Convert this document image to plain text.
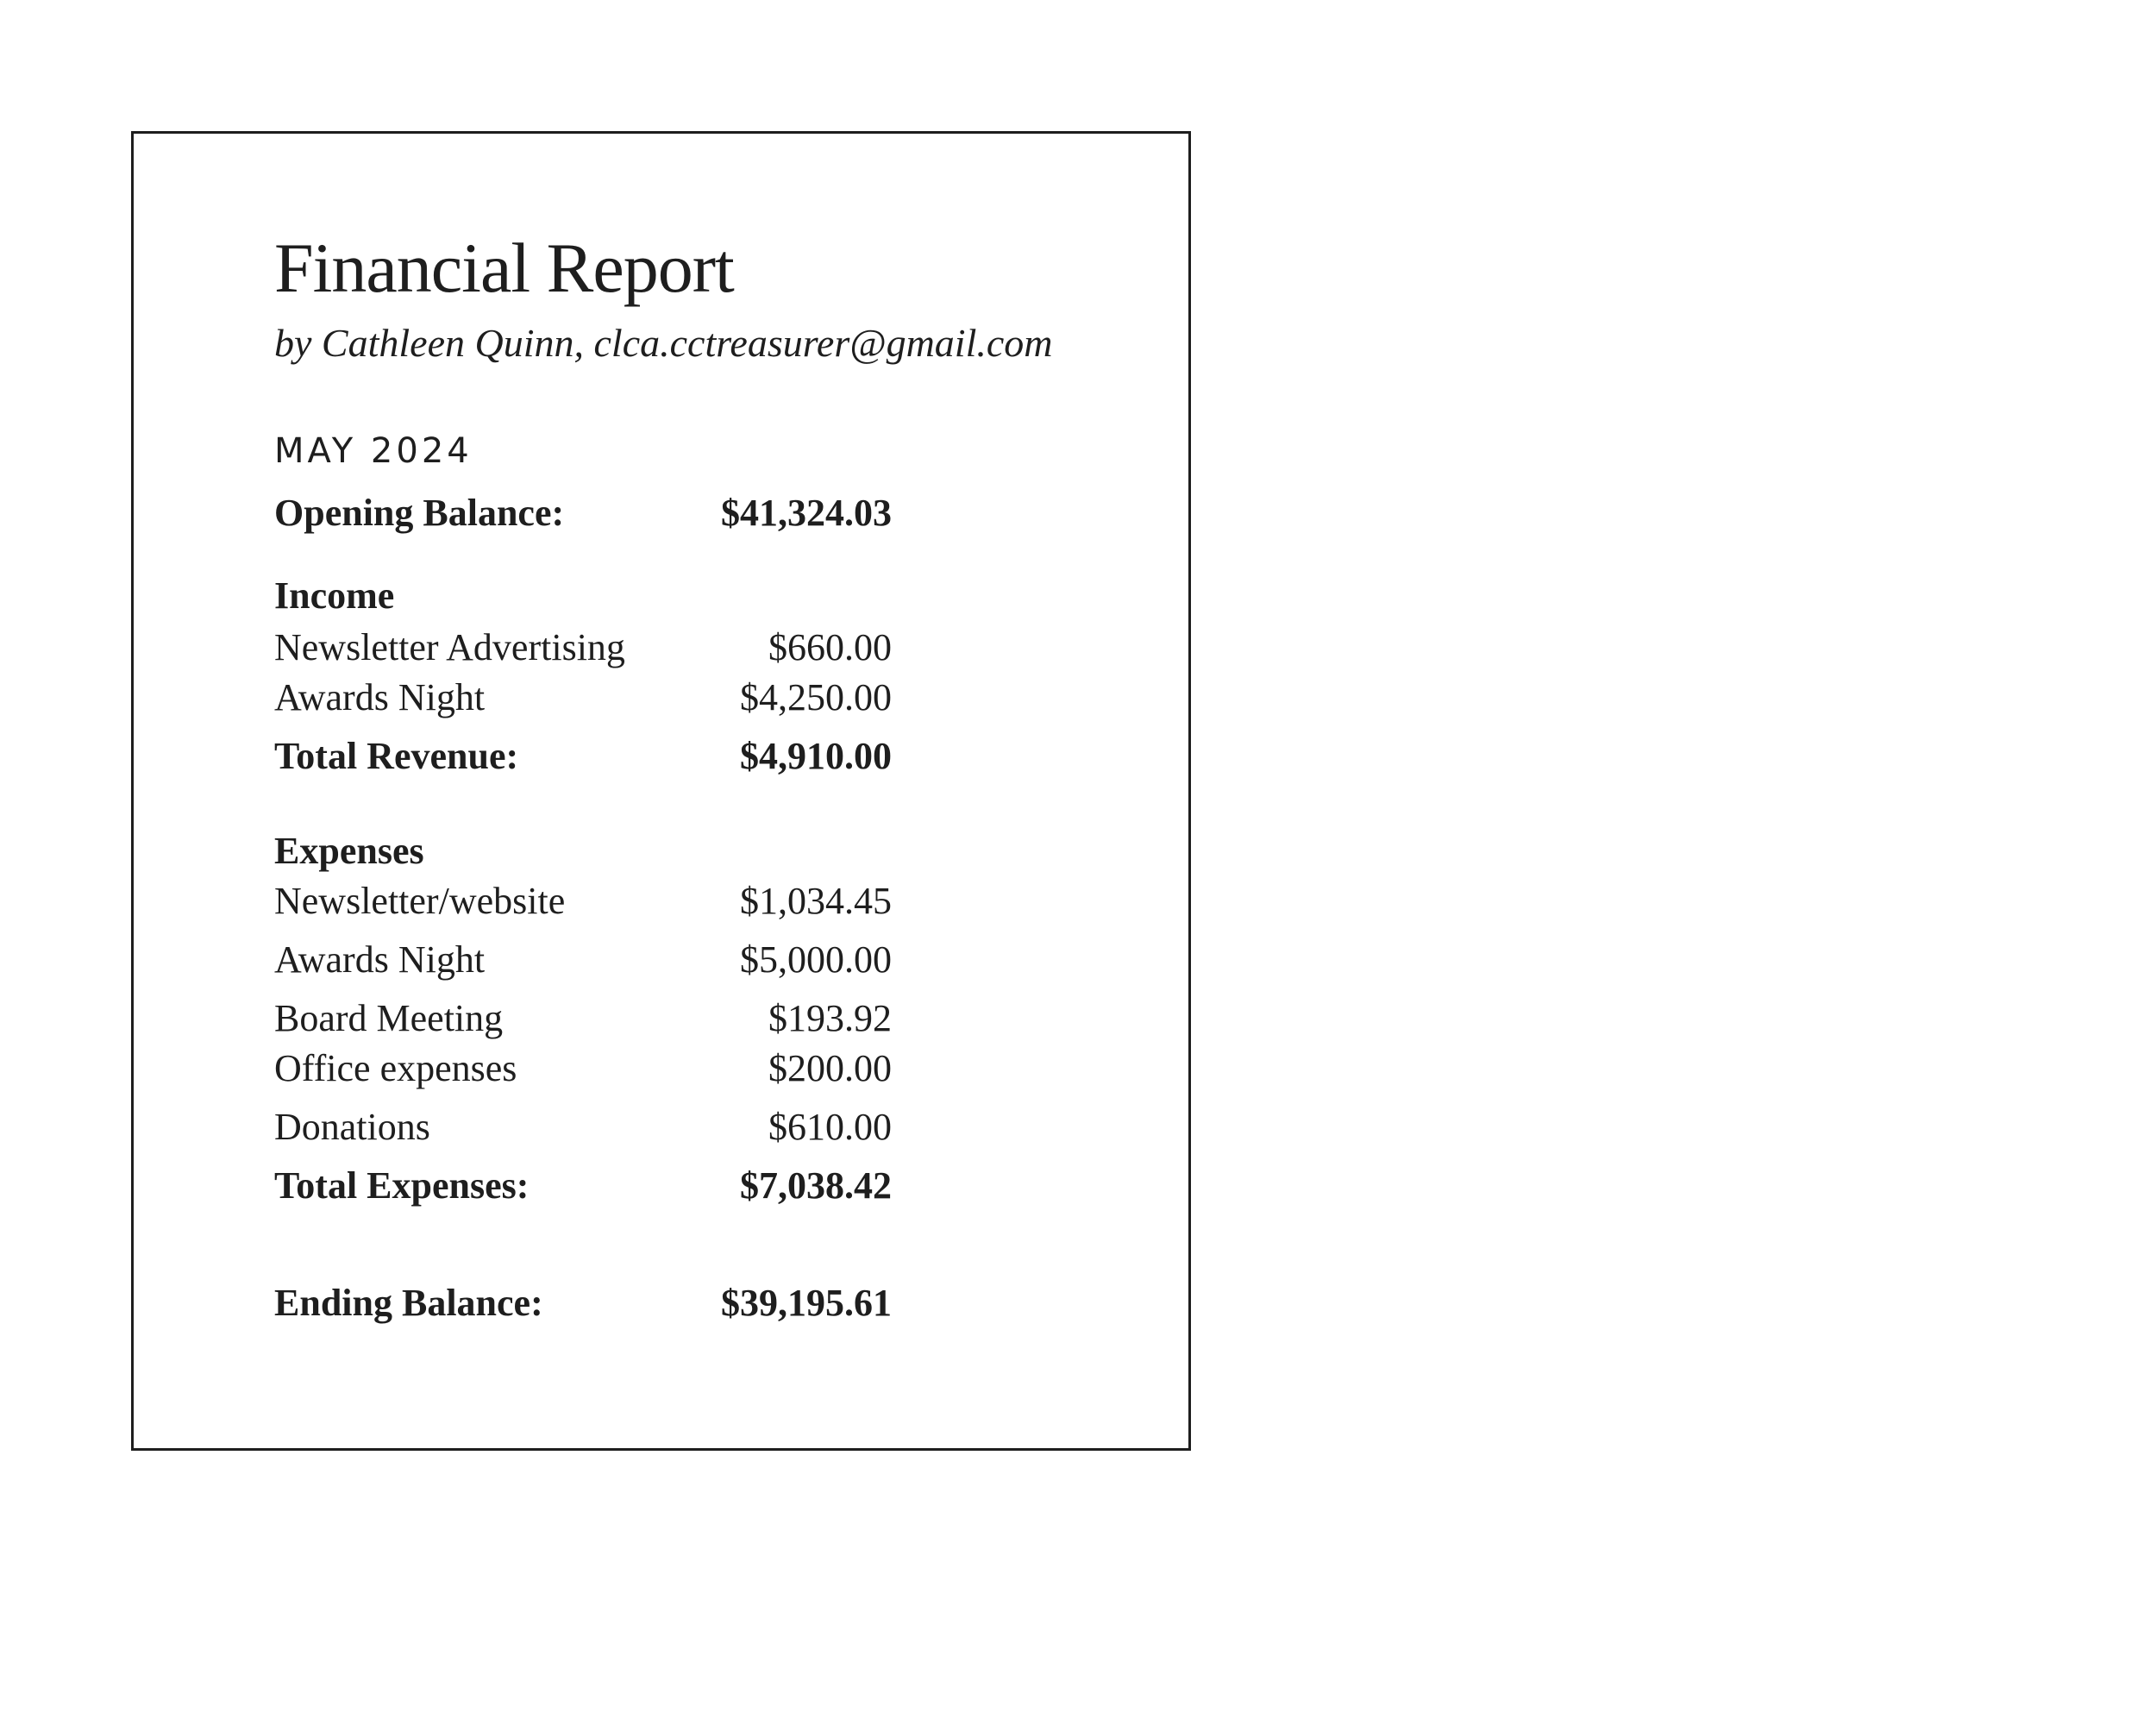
Financial Report

by Cathleen Quinn, clca.cctreasurer@gmail.com

MAY 2024

Opening Balance:	$41,324.03
Income
Newsletter Advertising	$660.00
Awards Night	$4,250.00
Total Revenue:	$4,910.00
Expenses
Newsletter/website	$1,034.45
Awards Night	$5,000.00
Board Meeting	$193.92
Office expenses	$200.00
Donations	$610.00
Total Expenses:	$7,038.42
Ending Balance:	$39,195.61
